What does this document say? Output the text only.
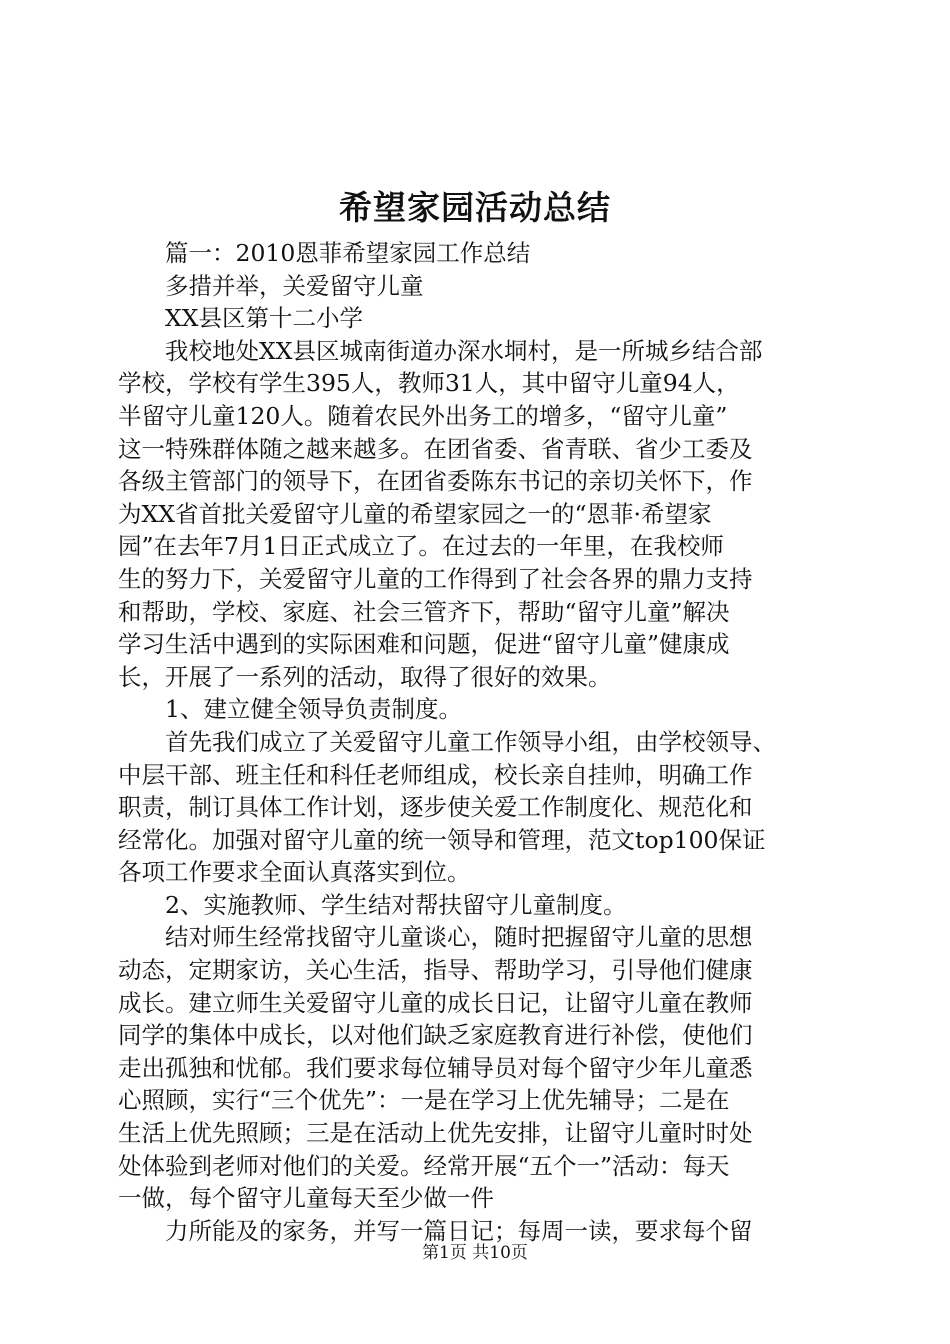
希望家园活动总结
篇一：2010恩菲希望家园工作总结
多措并举，关爱留守儿童
XX县区第十二小学
我校地处XX县区城南街道办深水垌村，是一所城乡结合部
学校，学校有学生395人，教师31人，其中留守儿童94人，
半留守儿童120人。随着农民外出务工的增多，“留守儿童”
这一特殊群体随之越来越多。在团省委、省青联、省少工委及
各级主管部门的领导下，在团省委陈东书记的亲切关怀下，作
为XX省首批关爱留守儿童的希望家园之一的“恩菲·希望家
园”在去年7月1日正式成立了。在过去的一年里，在我校师
生的努力下，关爱留守儿童的工作得到了社会各界的鼎力支持
和帮助，学校、家庭、社会三管齐下，帮助“留守儿童”解决
学习生活中遇到的实际困难和问题，促进“留守儿童”健康成
长，开展了一系列的活动，取得了很好的效果。
1、建立健全领导负责制度。
首先我们成立了关爱留守儿童工作领导小组，由学校领导、
中层干部、班主任和科任老师组成，校长亲自挂帅，明确工作
职责，制订具体工作计划，逐步使关爱工作制度化、规范化和
经常化。加强对留守儿童的统一领导和管理，范文top100保证
各项工作要求全面认真落实到位。
2、实施教师、学生结对帮扶留守儿童制度。
结对师生经常找留守儿童谈心，随时把握留守儿童的思想
动态，定期家访，关心生活，指导、帮助学习，引导他们健康
成长。建立师生关爱留守儿童的成长日记，让留守儿童在教师
同学的集体中成长，以对他们缺乏家庭教育进行补偿，使他们
走出孤独和忧郁。我们要求每位辅导员对每个留守少年儿童悉
心照顾，实行“三个优先”：一是在学习上优先辅导；二是在
生活上优先照顾；三是在活动上优先安排，让留守儿童时时处
处体验到老师对他们的关爱。经常开展“五个一”活动：每天
一做，每个留守儿童每天至少做一件
力所能及的家务，并写一篇日记；每周一读，要求每个留
第1页 共10页
